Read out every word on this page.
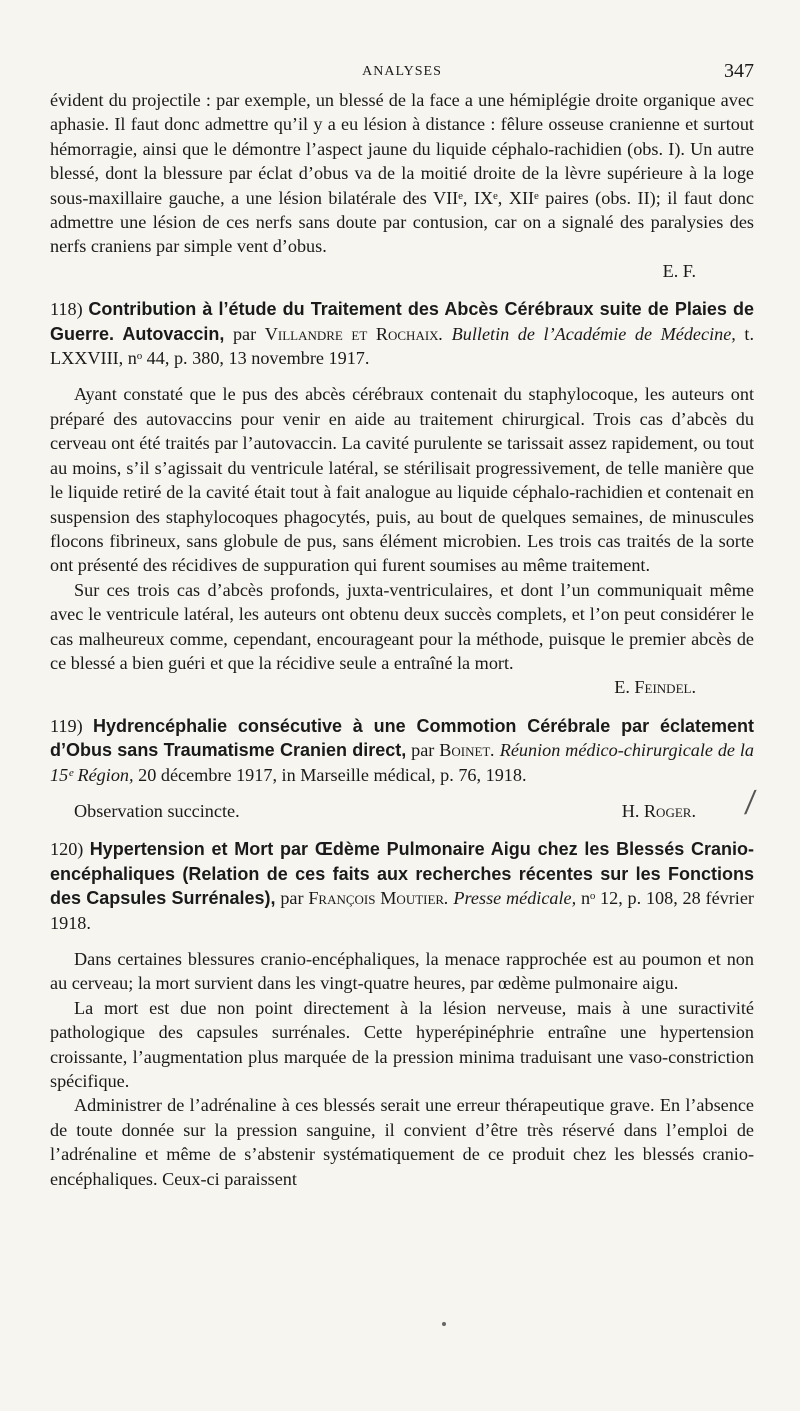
ANALYSES	347

évident du projectile : par exemple, un blessé de la face a une hémiplégie droite organique avec aphasie. Il faut donc admettre qu’il y a eu lésion à distance : fêlure osseuse cranienne et surtout hémorragie, ainsi que le démontre l’aspect jaune du liquide céphalo-rachidien (obs. I). Un autre blessé, dont la blessure par éclat d’obus va de la moitié droite de la lèvre supérieure à la loge sous-maxillaire gauche, a une lésion bilatérale des VIIᵉ, IXᵉ, XIIᵉ paires (obs. II); il faut donc admettre une lésion de ces nerfs sans doute par contusion, car on a signalé des paralysies des nerfs craniens par simple vent d’obus.

E. F.

118) Contribution à l’étude du Traitement des Abcès Cérébraux suite de Plaies de Guerre. Autovaccin, par Villandre et Rochaix. Bulletin de l’Académie de Médecine, t. LXXVIII, nᵒ 44, p. 380, 13 novembre 1917.

Ayant constaté que le pus des abcès cérébraux contenait du staphylocoque, les auteurs ont préparé des autovaccins pour venir en aide au traitement chirurgical. Trois cas d’abcès du cerveau ont été traités par l’autovaccin. La cavité purulente se tarissait assez rapidement, ou tout au moins, s’il s’agissait du ventricule latéral, se stérilisait progressivement, de telle manière que le liquide retiré de la cavité était tout à fait analogue au liquide céphalo-rachidien et contenait en suspension des staphylocoques phagocytés, puis, au bout de quelques semaines, de minuscules flocons fibrineux, sans globule de pus, sans élément microbien. Les trois cas traités de la sorte ont présenté des récidives de suppuration qui furent soumises au même traitement.

Sur ces trois cas d’abcès profonds, juxta-ventriculaires, et dont l’un communiquait même avec le ventricule latéral, les auteurs ont obtenu deux succès complets, et l’on peut considérer le cas malheureux comme, cependant, encourageant pour la méthode, puisque le premier abcès de ce blessé a bien guéri et que la récidive seule a entraîné la mort.

E. Feindel.

119) Hydrencéphalie consécutive à une Commotion Cérébrale par éclatement d’Obus sans Traumatisme Cranien direct, par Boinet. Réunion médico-chirurgicale de la 15ᵉ Région, 20 décembre 1917, in Marseille médical, p. 76, 1918.

Observation succincte.	H. Roger.

120) Hypertension et Mort par Œdème Pulmonaire Aigu chez les Blessés Cranio-encéphaliques (Relation de ces faits aux recherches récentes sur les Fonctions des Capsules Surrénales), par François Moutier. Presse médicale, nᵒ 12, p. 108, 28 février 1918.

Dans certaines blessures cranio-encéphaliques, la menace rapprochée est au poumon et non au cerveau; la mort survient dans les vingt-quatre heures, par œdème pulmonaire aigu.

La mort est due non point directement à la lésion nerveuse, mais à une suractivité pathologique des capsules surrénales. Cette hyperépinéphrie entraîne une hypertension croissante, l’augmentation plus marquée de la pression minima traduisant une vaso-constriction spécifique.

Administrer de l’adrénaline à ces blessés serait une erreur thérapeutique grave. En l’absence de toute donnée sur la pression sanguine, il convient d’être très réservé dans l’emploi de l’adrénaline et même de s’abstenir systématiquement de ce produit chez les blessés cranio-encéphaliques. Ceux-ci paraissent

⁄
